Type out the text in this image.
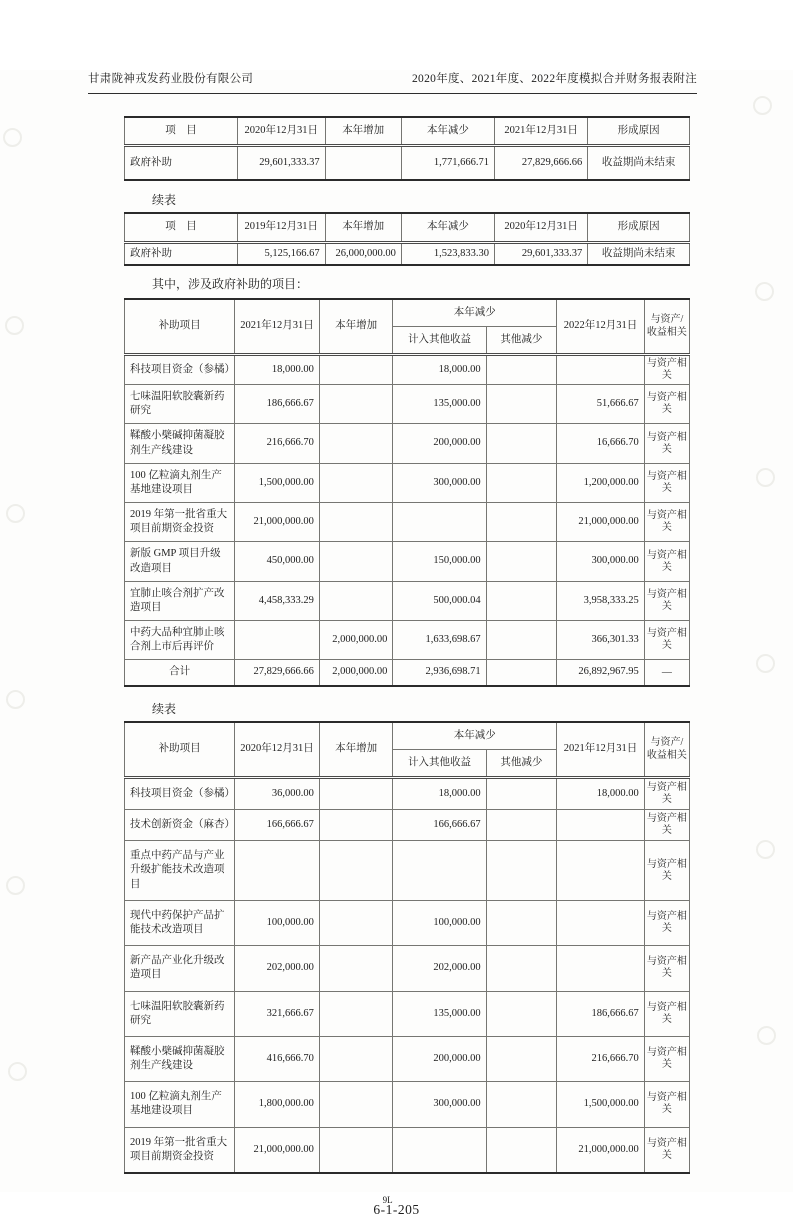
甘肃陇神戎发药业股份有限公司	2020年度、2021年度、2022年度模拟合并财务报表附注
项　目	2020年12月31日	本年增加	本年减少	2021年12月31日	形成原因
政府补助	29,601,333.37		1,771,666.71	27,829,666.66	收益期尚未结束
续表
项　目	2019年12月31日	本年增加	本年减少	2020年12月31日	形成原因
政府补助	5,125,166.67	26,000,000.00	1,523,833.30	29,601,333.37	收益期尚未结束
其中，涉及政府补助的项目：
补助项目	2021年12月31日	本年增加	本年减少		2022年12月31日	与资产/收益相关
			计入其他收益	其他减少		
科技项目资金（参橘）	18,000.00		18,000.00			与资产相关
七味温阳软胶囊新药研究	186,666.67		135,000.00		51,666.67	与资产相关
鞣酸小檗碱抑菌凝胶剂生产线建设	216,666.70		200,000.00		16,666.70	与资产相关
100 亿粒滴丸剂生产基地建设项目	1,500,000.00		300,000.00		1,200,000.00	与资产相关
2019 年第一批省重大项目前期资金投资	21,000,000.00				21,000,000.00	与资产相关
新版 GMP 项目升级改造项目	450,000.00		150,000.00		300,000.00	与资产相关
宜肺止咳合剂扩产改造项目	4,458,333.29		500,000.04		3,958,333.25	与资产相关
中药大品种宜肺止咳合剂上市后再评价		2,000,000.00	1,633,698.67		366,301.33	与资产相关
合计	27,829,666.66	2,000,000.00	2,936,698.71		26,892,967.95	—
续表
补助项目	2020年12月31日	本年增加	本年减少		2021年12月31日	与资产/收益相关
			计入其他收益	其他减少		
科技项目资金（参橘）	36,000.00		18,000.00		18,000.00	与资产相关
技术创新资金（麻杏）	166,666.67		166,666.67			与资产相关
重点中药产品与产业升级扩能技术改造项目						与资产相关
现代中药保护产品扩能技术改造项目	100,000.00		100,000.00			与资产相关
新产品产业化升级改造项目	202,000.00		202,000.00			与资产相关
七味温阳软胶囊新药研究	321,666.67		135,000.00		186,666.67	与资产相关
鞣酸小檗碱抑菌凝胶剂生产线建设	416,666.70		200,000.00		216,666.70	与资产相关
100 亿粒滴丸剂生产基地建设项目	1,800,000.00		300,000.00		1,500,000.00	与资产相关
2019 年第一批省重大项目前期资金投资	21,000,000.00				21,000,000.00	与资产相关
6-
9L
1-205
